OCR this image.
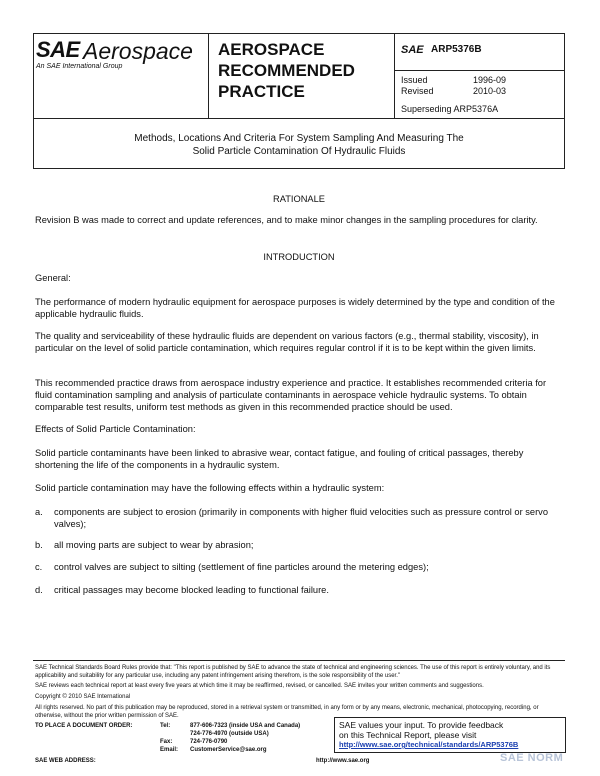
SAE Aerospace
An SAE International Group
AEROSPACE
RECOMMENDED
PRACTICE
SAE ARP5376B
Issued	1996-09
Revised	2010-03
Superseding ARP5376A
Methods, Locations And Criteria For System Sampling And Measuring The
Solid Particle Contamination Of Hydraulic Fluids
RATIONALE
Revision B was made to correct and update references, and to make minor changes in the sampling procedures for clarity.
INTRODUCTION
General:
The performance of modern hydraulic equipment for aerospace purposes is widely determined by the type and condition of the applicable hydraulic fluids.
The quality and serviceability of these hydraulic fluids are dependent on various factors (e.g., thermal stability, viscosity), in particular on the level of solid particle contamination, which requires regular control if it is to be kept within the given limits.
This recommended practice draws from aerospace industry experience and practice. It establishes recommended criteria for fluid contamination sampling and analysis of particulate contaminants in aerospace vehicle hydraulic systems. To obtain comparable test results, uniform test methods as given in this recommended practice should be used.
Effects of Solid Particle Contamination:
Solid particle contaminants have been linked to abrasive wear, contact fatigue, and fouling of critical passages, thereby shortening the life of the components in a hydraulic system.
Solid particle contamination may have the following effects within a hydraulic system:
a. components are subject to erosion (primarily in components with higher fluid velocities such as pressure control or servo valves);
b. all moving parts are subject to wear by abrasion;
c. control valves are subject to silting (settlement of fine particles around the metering edges);
d. critical passages may become blocked leading to functional failure.
SAE Technical Standards Board Rules provide that: "This report is published by SAE to advance the state of technical and engineering sciences. The use of this report is entirely voluntary, and its applicability and suitability for any particular use, including any patent infringement arising therefrom, is the sole responsibility of the user."
SAE reviews each technical report at least every five years at which time it may be reaffirmed, revised, or cancelled. SAE invites your written comments and suggestions.
Copyright © 2010 SAE International
All rights reserved. No part of this publication may be reproduced, stored in a retrieval system or transmitted, in any form or by any means, electronic, mechanical, photocopying, recording, or otherwise, without the prior written permission of SAE.
TO PLACE A DOCUMENT ORDER:	Tel:	877-606-7323 (inside USA and Canada)
724-776-4970 (outside USA)
Fax:	724-776-0790
Email: CustomerService@sae.org
SAE WEB ADDRESS:	http://www.sae.org
SAE values your input. To provide feedback
on this Technical Report, please visit
http://www.sae.org/technical/standards/ARP5376B
SAE NORM
